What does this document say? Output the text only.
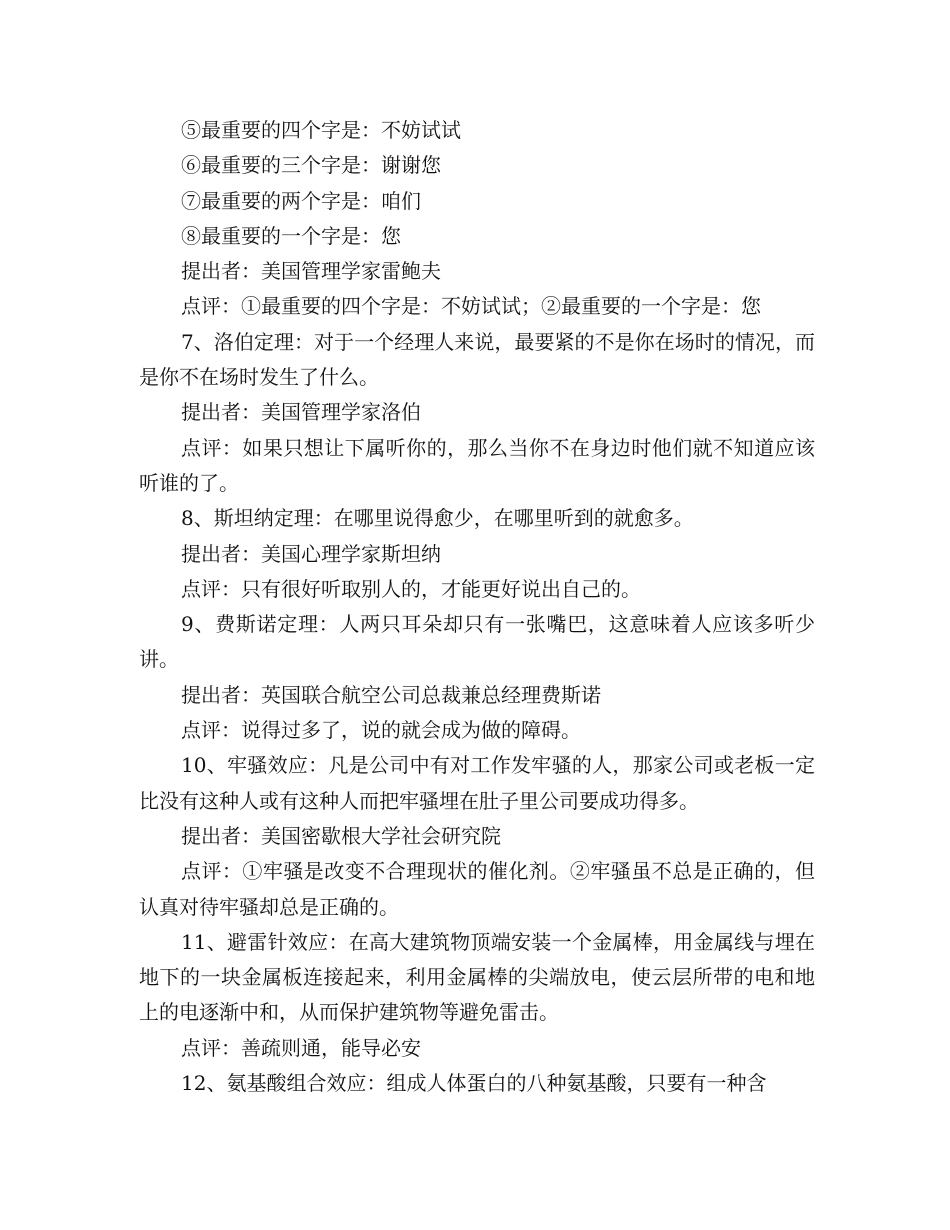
⑤最重要的四个字是：不妨试试

⑥最重要的三个字是：谢谢您

⑦最重要的两个字是：咱们

⑧最重要的一个字是：您

提出者：美国管理学家雷鲍夫

点评：①最重要的四个字是：不妨试试；②最重要的一个字是：您

7、洛伯定理：对于一个经理人来说，最要紧的不是你在场时的情况，而是你不在场时发生了什么。

提出者：美国管理学家洛伯

点评：如果只想让下属听你的，那么当你不在身边时他们就不知道应该听谁的了。

8、斯坦纳定理：在哪里说得愈少，在哪里听到的就愈多。

提出者：美国心理学家斯坦纳

点评：只有很好听取别人的，才能更好说出自己的。

9、费斯诺定理：人两只耳朵却只有一张嘴巴，这意味着人应该多听少讲。

提出者：英国联合航空公司总裁兼总经理费斯诺

点评：说得过多了，说的就会成为做的障碍。

10、牢骚效应：凡是公司中有对工作发牢骚的人，那家公司或老板一定比没有这种人或有这种人而把牢骚埋在肚子里公司要成功得多。

提出者：美国密歇根大学社会研究院

点评：①牢骚是改变不合理现状的催化剂。②牢骚虽不总是正确的，但认真对待牢骚却总是正确的。

11、避雷针效应：在高大建筑物顶端安装一个金属棒，用金属线与埋在地下的一块金属板连接起来，利用金属棒的尖端放电，使云层所带的电和地上的电逐渐中和，从而保护建筑物等避免雷击。

点评：善疏则通，能导必安

12、氨基酸组合效应：组成人体蛋白的八种氨基酸，只要有一种含
